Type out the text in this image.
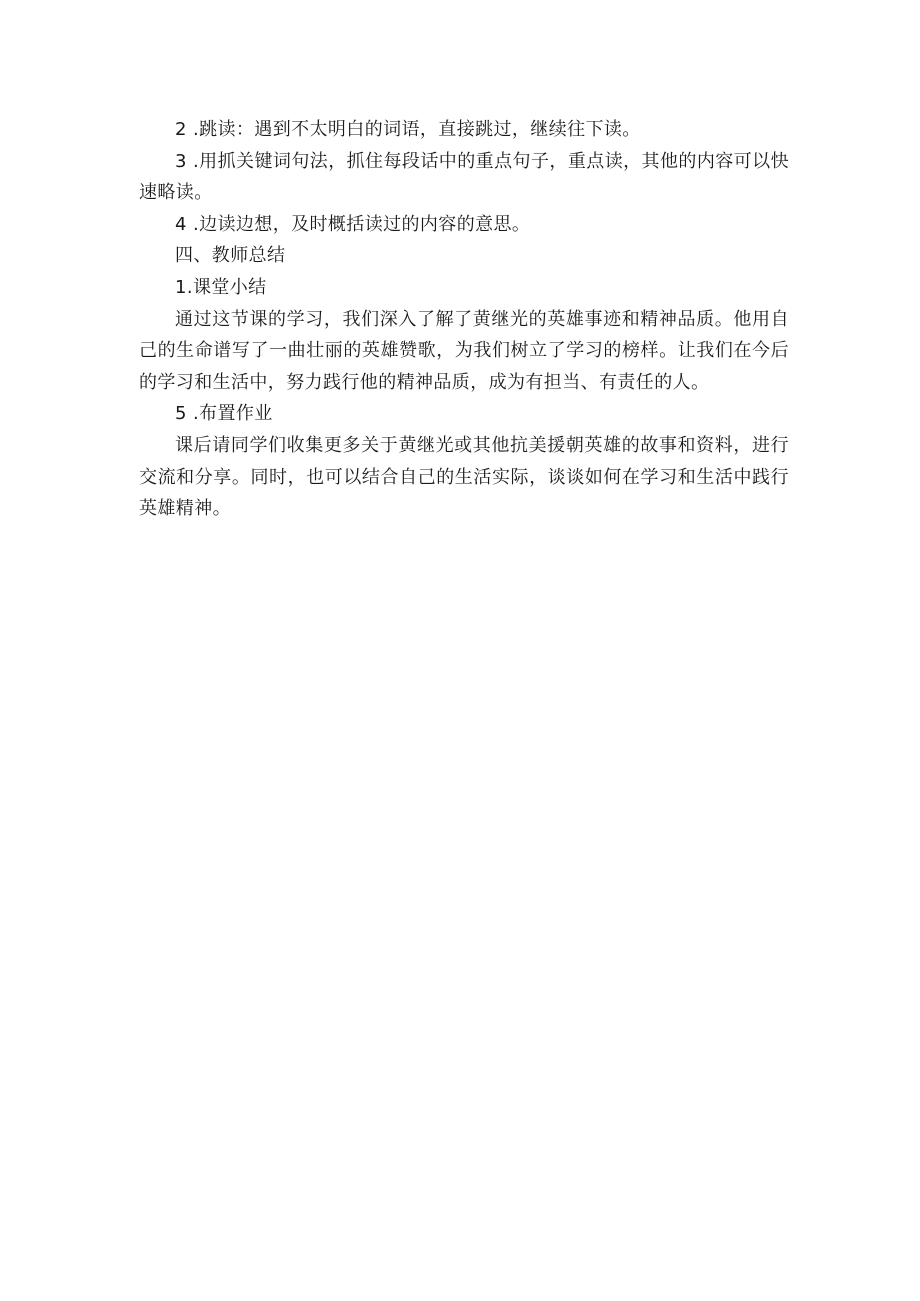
2 .跳读：遇到不太明白的词语，直接跳过，继续往下读。

3 .用抓关键词句法，抓住每段话中的重点句子，重点读，其他的内容可以快速略读。

4 .边读边想，及时概括读过的内容的意思。

四、教师总结

1.课堂小结

通过这节课的学习，我们深入了解了黄继光的英雄事迹和精神品质。他用自己的生命谱写了一曲壮丽的英雄赞歌，为我们树立了学习的榜样。让我们在今后的学习和生活中，努力践行他的精神品质，成为有担当、有责任的人。

5 .布置作业

课后请同学们收集更多关于黄继光或其他抗美援朝英雄的故事和资料，进行交流和分享。同时，也可以结合自己的生活实际，谈谈如何在学习和生活中践行英雄精神。
